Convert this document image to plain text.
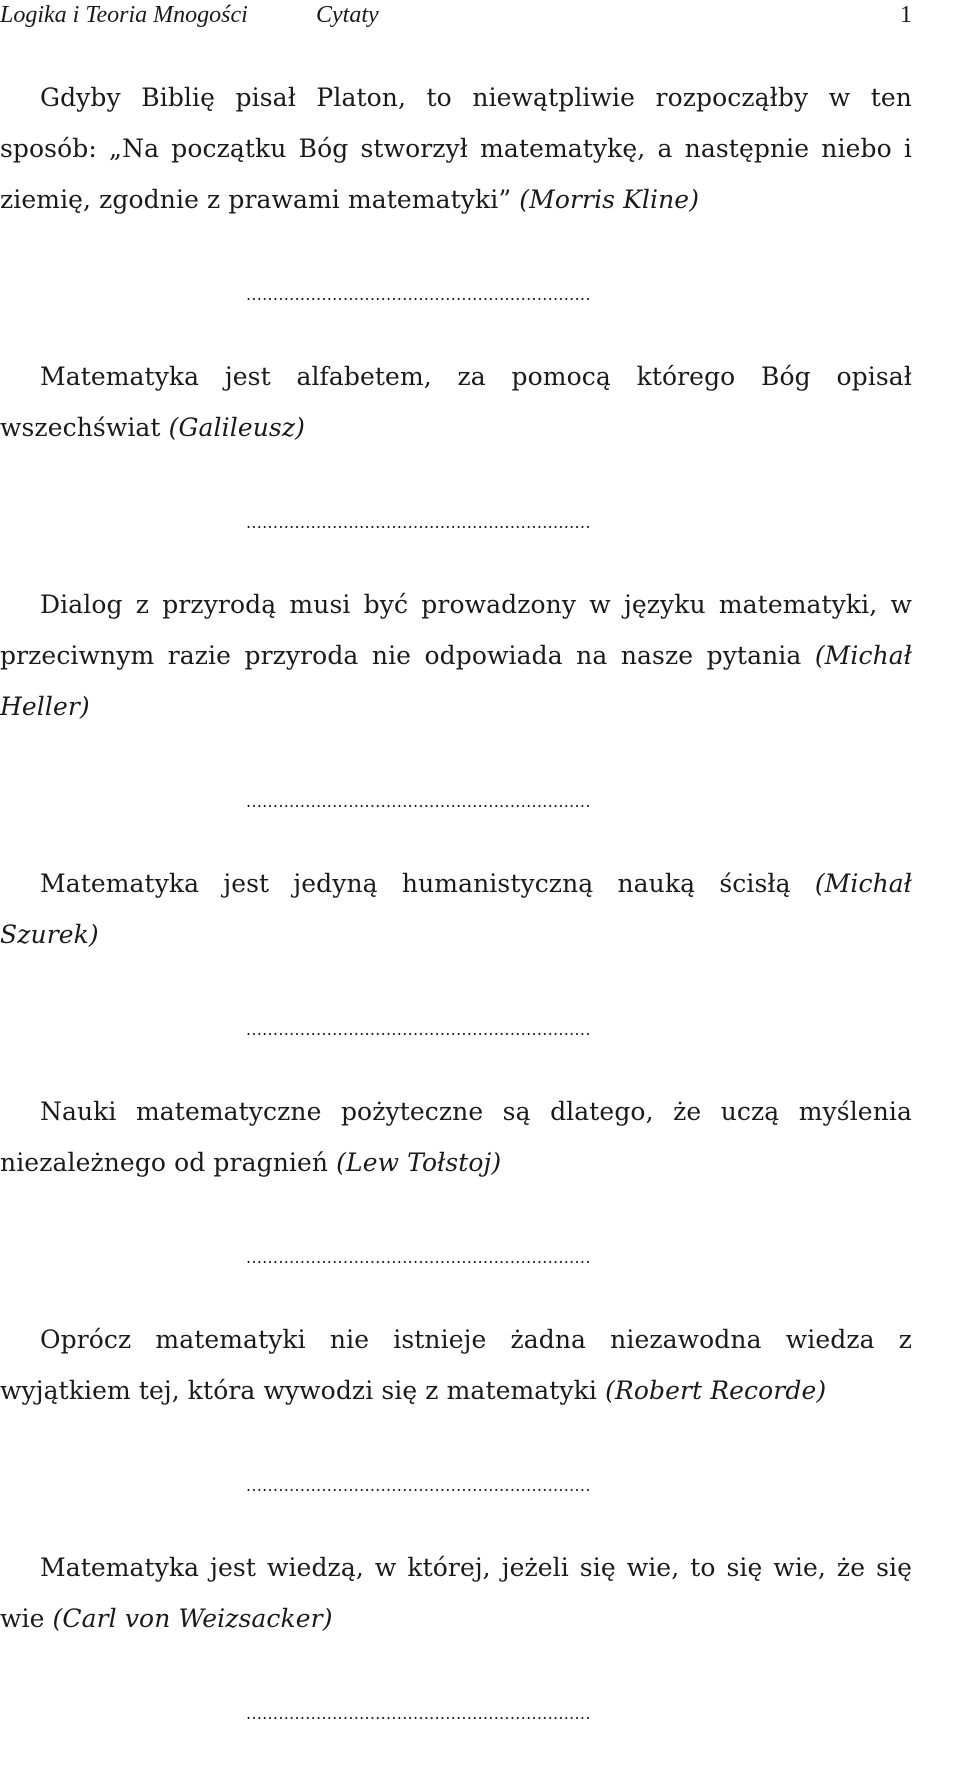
Logika i Teoria Mnogości	Cytaty	1

Gdyby Biblię pisał Platon, to niewątpliwie rozpocząłby w ten sposób: „Na początku Bóg stworzył matematykę, a następnie niebo i ziemię, zgodnie z prawami matematyki” (Morris Kline)

................................................................

Matematyka jest alfabetem, za pomocą którego Bóg opisał wszechświat (Galileusz)

................................................................

Dialog z przyrodą musi być prowadzony w języku matematyki, w przeciwnym razie przyroda nie odpowiada na nasze pytania (Michał Heller)

................................................................

Matematyka jest jedyną humanistyczną nauką ścisłą (Michał Szurek)

................................................................

Nauki matematyczne pożyteczne są dlatego, że uczą myślenia niezależnego od pragnień (Lew Tołstoj)

................................................................

Oprócz matematyki nie istnieje żadna niezawodna wiedza z wyjątkiem tej, która wywodzi się z matematyki (Robert Recorde)

................................................................

Matematyka jest wiedzą, w której, jeżeli się wie, to się wie, że się wie (Carl von Weizsacker)

................................................................
